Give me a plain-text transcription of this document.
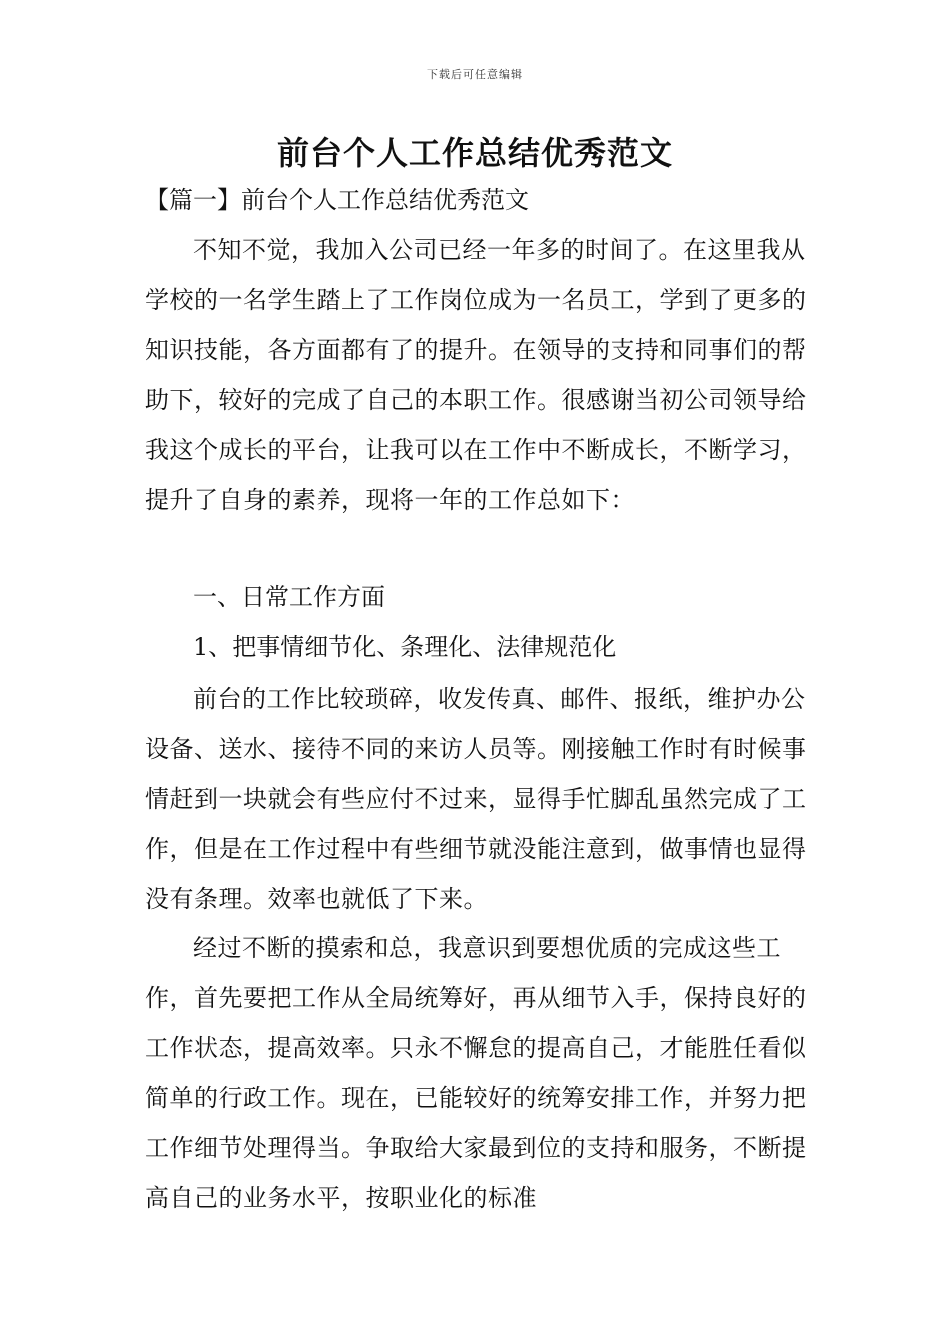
下载后可任意编辑
前台个人工作总结优秀范文
【篇一】前台个人工作总结优秀范文

不知不觉，我加入公司已经一年多的时间了。在这里我从学校的一名学生踏上了工作岗位成为一名员工，学到了更多的知识技能，各方面都有了的提升。在领导的支持和同事们的帮助下，较好的完成了自己的本职工作。很感谢当初公司领导给我这个成长的平台，让我可以在工作中不断成长，不断学习，提升了自身的素养，现将一年的工作总如下：

一、日常工作方面
1、把事情细节化、条理化、法律规范化

前台的工作比较琐碎，收发传真、邮件、报纸，维护办公设备、送水、接待不同的来访人员等。刚接触工作时有时候事情赶到一块就会有些应付不过来，显得手忙脚乱虽然完成了工作，但是在工作过程中有些细节就没能注意到，做事情也显得没有条理。效率也就低了下来。

经过不断的摸索和总，我意识到要想优质的完成这些工作，首先要把工作从全局统筹好，再从细节入手，保持良好的工作状态，提高效率。只永不懈怠的提高自己，才能胜任看似简单的行政工作。现在，已能较好的统筹安排工作，并努力把工作细节处理得当。争取给大家最到位的支持和服务，不断提高自己的业务水平，按职业化的标准
